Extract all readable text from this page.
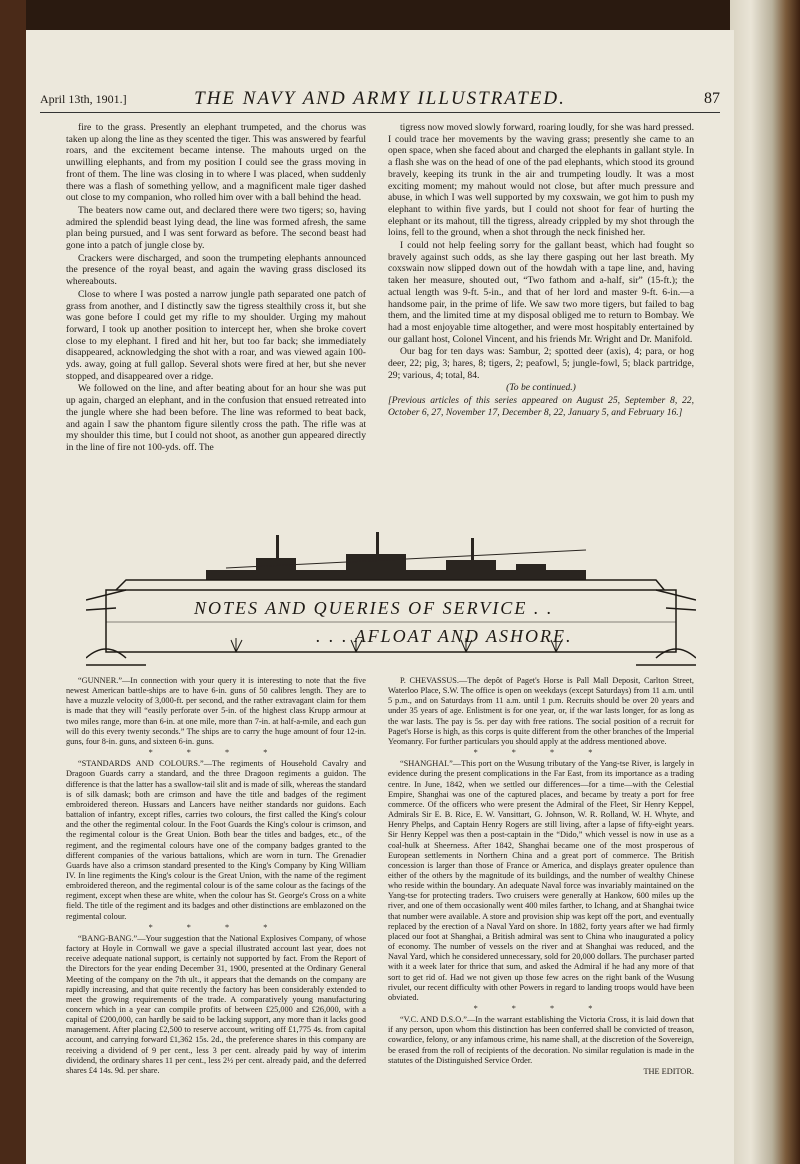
April 13th, 1901.]	THE NAVY AND ARMY ILLUSTRATED.	87

fire to the grass. Presently an elephant trumpeted, and the chorus was taken up along the line as they scented the tiger. This was answered by fearful roars, and the excitement became intense. The mahouts urged on the unwilling elephants, and from my position I could see the grass moving in front of them. The line was closing in to where I was placed, when suddenly there was a flash of something yellow, and a magnificent male tiger dashed out close to my companion, who rolled him over with a ball behind the head.

The beaters now came out, and declared there were two tigers; so, having admired the splendid beast lying dead, the line was formed afresh, the same plan being pursued, and I was sent forward as before. The second beast had gone into a patch of jungle close by.

Crackers were discharged, and soon the trumpeting elephants announced the presence of the royal beast, and again the waving grass disclosed its whereabouts.

Close to where I was posted a narrow jungle path separated one patch of grass from another, and I distinctly saw the tigress stealthily cross it, but she was gone before I could get my rifle to my shoulder. Urging my mahout forward, I took up another position to intercept her, when she broke covert close to my elephant. I fired and hit her, but too far back; she immediately disappeared, acknowledging the shot with a roar, and was viewed again 100-yds. away, going at full gallop. Several shots were fired at her, but she never stopped, and disappeared over a ridge.

We followed on the line, and after beating about for an hour she was put up again, charged an elephant, and in the confusion that ensued retreated into the jungle where she had been before. The line was reformed to beat back, and again I saw the phantom figure silently cross the path. The rifle was at my shoulder this time, but I could not shoot, as another gun appeared directly in the line of fire not 100-yds. off. The

tigress now moved slowly forward, roaring loudly, for she was hard pressed. I could trace her movements by the waving grass; presently she came to an open space, when she faced about and charged the elephants in gallant style. In a flash she was on the head of one of the pad elephants, which stood its ground bravely, keeping its trunk in the air and trumpeting loudly. It was a most exciting moment; my mahout would not close, but after much pressure and abuse, in which I was well supported by my coxswain, we got him to push my elephant to within five yards, but I could not shoot for fear of hurting the elephant or its mahout, till the tigress, already crippled by my shot through the loins, fell to the ground, when a shot through the neck finished her.

I could not help feeling sorry for the gallant beast, which had fought so bravely against such odds, as she lay there gasping out her last breath. My coxswain now slipped down out of the howdah with a tape line, and, having taken her measure, shouted out, “Two fathom and a-half, sir” (15-ft.); the actual length was 9-ft. 5-in., and that of her lord and master 9-ft. 6-in.—a handsome pair, in the prime of life. We saw two more tigers, but failed to bag them, and the limited time at my disposal obliged me to return to Bombay. We had a most enjoyable time altogether, and were most hospitably entertained by our gallant host, Colonel Vincent, and his friends Mr. Wright and Dr. Manifold.

Our bag for ten days was: Sambur, 2; spotted deer (axis), 4; para, or hog deer, 22; pig, 3; hares, 8; tigers, 2; peafowl, 5; jungle-fowl, 5; black partridge, 29; various, 4; total, 84.

(To be continued.)

[Previous articles of this series appeared on August 25, September 8, 22, October 6, 27, November 17, December 8, 22, January 5, and February 16.]

NOTES AND QUERIES OF SERVICE . .
. . . AFLOAT AND ASHORE.

“GUNNER.”—In connection with your query it is interesting to note that the five newest American battle-ships are to have 6-in. guns of 50 calibres length. They are to have a muzzle velocity of 3,000-ft. per second, and the rather extravagant claim for them is made that they will “easily perforate over 5-in. of the highest class Krupp armour at two miles range, more than 6-in. at one mile, more than 7-in. at half-a-mile, and each gun will do this every twenty seconds.” The ships are to carry the huge amount of four 12-in. guns, four 8-in. guns, and sixteen 6-in. guns.

* * * *

“STANDARDS AND COLOURS.”—The regiments of Household Cavalry and Dragoon Guards carry a standard, and the three Dragoon regiments a guidon. The difference is that the latter has a swallow-tail slit and is made of silk, whereas the standard is of silk damask; both are crimson and have the title and badges of the regiment embroidered thereon. Hussars and Lancers have neither standards nor guidons. Each battalion of infantry, except rifles, carries two colours, the first called the King's colour and the other the regimental colour. In the Foot Guards the King's colour is crimson, and the regimental colour is the Great Union. Both bear the titles and badges, etc., of the regiment, and the regimental colours have one of the company badges granted to the different companies of the various battalions, which are worn in turn. The Grenadier Guards have also a crimson standard presented to the King's Company by King William IV. In line regiments the King's colour is the Great Union, with the name of the regiment embroidered thereon, and the regimental colour is of the same colour as the facings of the regiment, except when these are white, when the colour has St. George's Cross on a white field. The title of the regiment and its badges and other distinctions are emblazoned on the regimental colour.

* * * *

“BANG-BANG.”—Your suggestion that the National Explosives Company, of whose factory at Hoyle in Cornwall we gave a special illustrated account last year, does not receive adequate national support, is certainly not supported by fact. From the Report of the Directors for the year ending December 31, 1900, presented at the Ordinary General Meeting of the company on the 7th ult., it appears that the demands on the company are rapidly increasing, and that quite recently the factory has been considerably extended to meet the growing requirements of the trade. A comparatively young manufacturing concern which in a year can compile profits of between £25,000 and £26,000, with a capital of £200,000, can hardly be said to be lacking support, any more than it lacks good management. After placing £2,500 to reserve account, writing off £1,775 4s. from capital account, and carrying forward £1,362 15s. 2d., the preference shares in this company are receiving a dividend of 9 per cent., less 3 per cent. already paid by way of interim dividend, the ordinary shares 11 per cent., less 2½ per cent. already paid, and the deferred shares £4 14s. 9d. per share.

P. CHEVASSUS.—The depôt of Paget's Horse is Pall Mall Deposit, Carlton Street, Waterloo Place, S.W. The office is open on weekdays (except Saturdays) from 11 a.m. until 5 p.m., and on Saturdays from 11 a.m. until 1 p.m. Recruits should be over 20 years and under 35 years of age. Enlistment is for one year, or, if the war lasts longer, for as long as the war lasts. The pay is 5s. per day with free rations. The social position of a recruit for Paget's Horse is high, as this corps is quite different from the other branches of the Imperial Yeomanry. For further particulars you should apply at the address mentioned above.

* * * *

“SHANGHAI.”—This port on the Wusung tributary of the Yang-tse River, is largely in evidence during the present complications in the Far East, from its importance as a trading centre. In June, 1842, when we settled our differences—for a time—with the Celestial Empire, Shanghai was one of the captured places, and became by treaty a port for free commerce. Of the officers who were present the Admiral of the Fleet, Sir Henry Keppel, Admirals Sir E. B. Rice, E. W. Vansittart, G. Johnson, W. R. Rolland, W. H. Whyte, and Henry Phelps, and Captain Henry Rogers are still living, after a lapse of fifty-eight years. Sir Henry Keppel was then a post-captain in the “Dido,” which vessel is now in use as a coal-hulk at Sheerness. After 1842, Shanghai became one of the most prosperous of European settlements in Northern China and a great port of commerce. The British concession is larger than those of France or America, and displays greater opulence than either of the others by the magnitude of its buildings, and the number of wealthy Chinese who reside within the boundary. An adequate Naval force was invariably maintained on the Yang-tse for protecting traders. Two cruisers were generally at Hankow, 600 miles up the river, and one of them occasionally went 400 miles farther, to Ichang, and at Shanghai twice that number were available. A store and provision ship was kept off the port, and eventually replaced by the erection of a Naval Yard on shore. In 1882, forty years after we had firmly placed our foot at Shanghai, a British admiral was sent to China who inaugurated a policy of economy. The number of vessels on the river and at Shanghai was reduced, and the Naval Yard, which he considered unnecessary, sold for 20,000 dollars. The purchaser parted with it a week later for thrice that sum, and asked the Admiral if he had any more of that sort to get rid of. Had we not given up those few acres on the right bank of the Wusung rivulet, our recent difficulty with other Powers in regard to landing troops would have been obviated.

* * * *

“V.C. AND D.S.O.”—In the warrant establishing the Victoria Cross, it is laid down that if any person, upon whom this distinction has been conferred shall be convicted of treason, cowardice, felony, or any infamous crime, his name shall, at the discretion of the Sovereign, be erased from the roll of recipients of the decoration. No similar regulation is made in the statutes of the Distinguished Service Order.

THE EDITOR.
